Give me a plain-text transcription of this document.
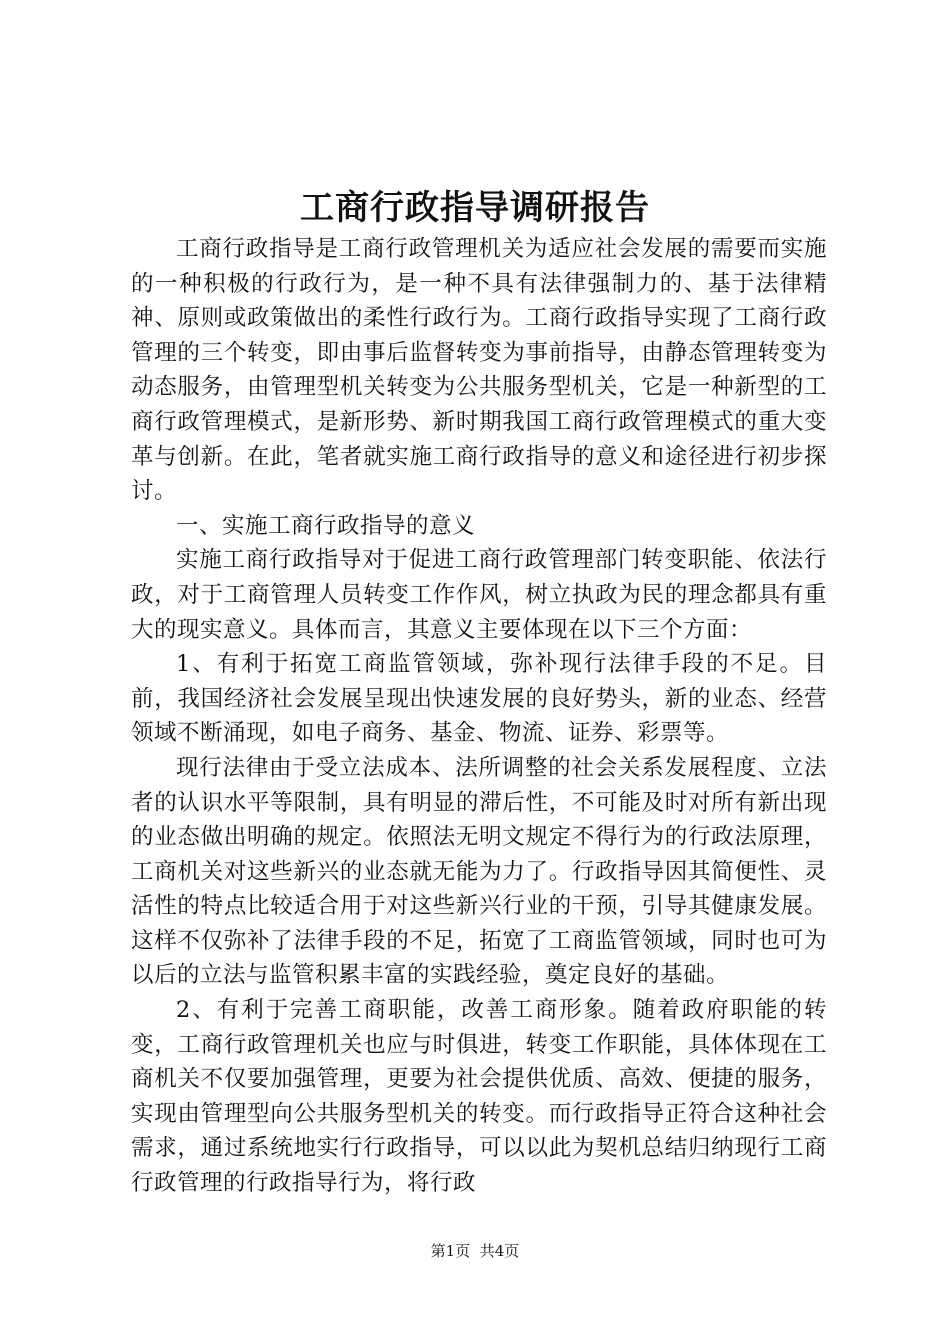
工商行政指导调研报告

工商行政指导是工商行政管理机关为适应社会发展的需要而实施的一种积极的行政行为，是一种不具有法律强制力的、基于法律精神、原则或政策做出的柔性行政行为。工商行政指导实现了工商行政管理的三个转变，即由事后监督转变为事前指导，由静态管理转变为动态服务，由管理型机关转变为公共服务型机关，它是一种新型的工商行政管理模式，是新形势、新时期我国工商行政管理模式的重大变革与创新。在此，笔者就实施工商行政指导的意义和途径进行初步探讨。

一、实施工商行政指导的意义

实施工商行政指导对于促进工商行政管理部门转变职能、依法行政，对于工商管理人员转变工作作风，树立执政为民的理念都具有重大的现实意义。具体而言，其意义主要体现在以下三个方面：

1、有利于拓宽工商监管领域，弥补现行法律手段的不足。目前，我国经济社会发展呈现出快速发展的良好势头，新的业态、经营领域不断涌现，如电子商务、基金、物流、证券、彩票等。

现行法律由于受立法成本、法所调整的社会关系发展程度、立法者的认识水平等限制，具有明显的滞后性，不可能及时对所有新出现的业态做出明确的规定。依照法无明文规定不得行为的行政法原理，工商机关对这些新兴的业态就无能为力了。行政指导因其简便性、灵活性的特点比较适合用于对这些新兴行业的干预，引导其健康发展。这样不仅弥补了法律手段的不足，拓宽了工商监管领域，同时也可为以后的立法与监管积累丰富的实践经验，奠定良好的基础。

2、有利于完善工商职能，改善工商形象。随着政府职能的转变，工商行政管理机关也应与时俱进，转变工作职能，具体体现在工商机关不仅要加强管理，更要为社会提供优质、高效、便捷的服务，实现由管理型向公共服务型机关的转变。而行政指导正符合这种社会需求，通过系统地实行行政指导，可以以此为契机总结归纳现行工商行政管理的行政指导行为，将行政

第1页 共4页
